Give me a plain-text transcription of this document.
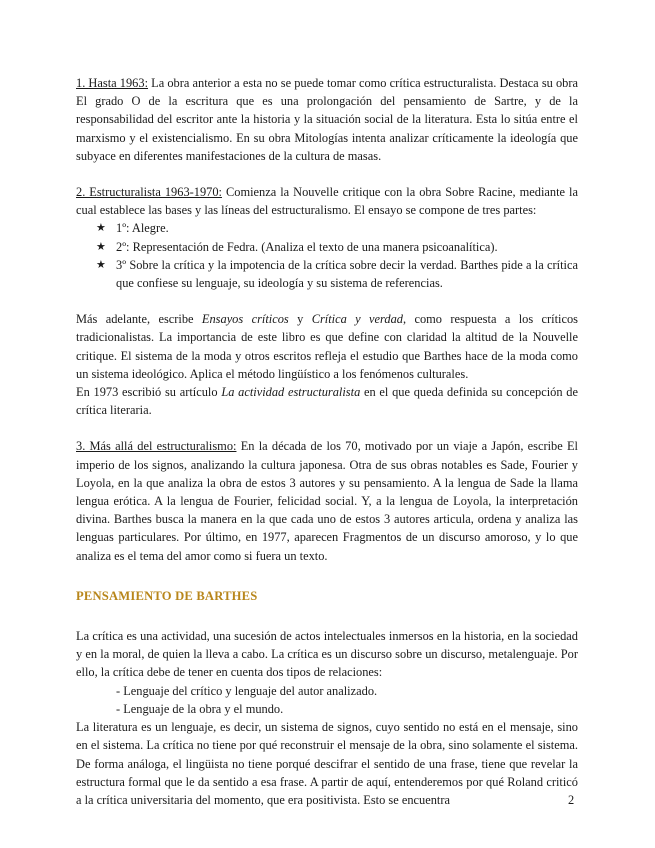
1. Hasta 1963: La obra anterior a esta no se puede tomar como crítica estructuralista. Destaca su obra El grado O de la escritura que es una prolongación del pensamiento de Sartre, y de la responsabilidad del escritor ante la historia y la situación social de la literatura. Esta lo sitúa entre el marxismo y el existencialismo. En su obra Mitologías intenta analizar críticamente la ideología que subyace en diferentes manifestaciones de la cultura de masas.

2. Estructuralista 1963-1970: Comienza la Nouvelle critique con la obra Sobre Racine, mediante la cual establece las bases y las líneas del estructuralismo. El ensayo se compone de tres partes:

★ 1º: Alegre.
★ 2º: Representación de Fedra. (Analiza el texto de una manera psicoanalítica).
★ 3º Sobre la crítica y la impotencia de la crítica sobre decir la verdad. Barthes pide a la crítica que confiese su lenguaje, su ideología y su sistema de referencias.

Más adelante, escribe Ensayos críticos y Crítica y verdad, como respuesta a los críticos tradicionalistas. La importancia de este libro es que define con claridad la altitud de la Nouvelle critique. El sistema de la moda y otros escritos refleja el estudio que Barthes hace de la moda como un sistema ideológico. Aplica el método lingüístico a los fenómenos culturales.

En 1973 escribió su artículo La actividad estructuralista en el que queda definida su concepción de crítica literaria.

3. Más allá del estructuralismo: En la década de los 70, motivado por un viaje a Japón, escribe El imperio de los signos, analizando la cultura japonesa. Otra de sus obras notables es Sade, Fourier y Loyola, en la que analiza la obra de estos 3 autores y su pensamiento. A la lengua de Sade la llama lengua erótica. A la lengua de Fourier, felicidad social. Y, a la lengua de Loyola, la interpretación divina. Barthes busca la manera en la que cada uno de estos 3 autores articula, ordena y analiza las lenguas particulares. Por último, en 1977, aparecen Fragmentos de un discurso amoroso, y lo que analiza es el tema del amor como si fuera un texto.

PENSAMIENTO DE BARTHES

La crítica es una actividad, una sucesión de actos intelectuales inmersos en la historia, en la sociedad y en la moral, de quien la lleva a cabo. La crítica es un discurso sobre un discurso, metalenguaje. Por ello, la crítica debe de tener en cuenta dos tipos de relaciones:

- Lenguaje del crítico y lenguaje del autor analizado.
- Lenguaje de la obra y el mundo.

La literatura es un lenguaje, es decir, un sistema de signos, cuyo sentido no está en el mensaje, sino en el sistema. La crítica no tiene por qué reconstruir el mensaje de la obra, sino solamente el sistema. De forma análoga, el lingüista no tiene porqué descifrar el sentido de una frase, tiene que revelar la estructura formal que le da sentido a esa frase. A partir de aquí, entenderemos por qué Roland criticó a la crítica universitaria del momento, que era positivista. Esto se encuentra	2
